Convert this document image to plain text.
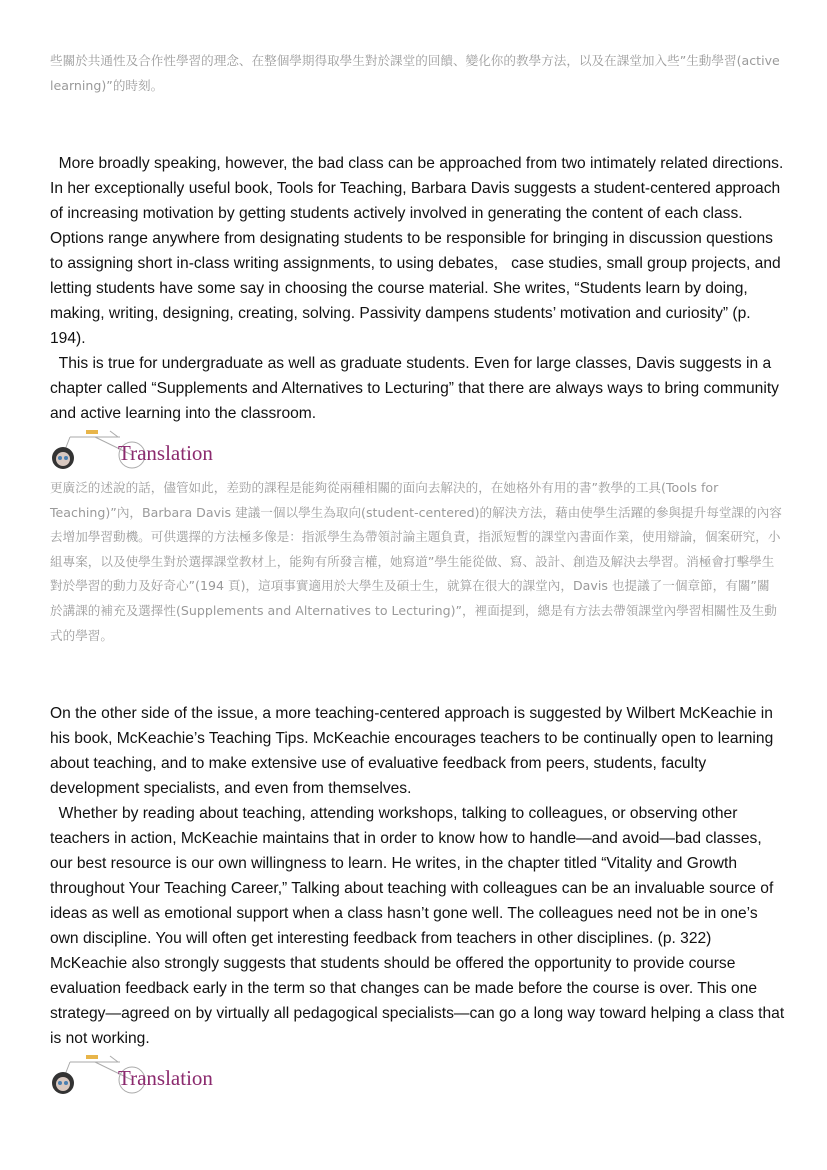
些關於共通性及合作性學習的理念、在整個學期得取學生對於課堂的回饋、變化你的教學方法，以及在課堂加入些”生動學習(active learning)”的時刻。

More broadly speaking, however, the bad class can be approached from two intimately related directions. In her exceptionally useful book, Tools for Teaching, Barbara Davis suggests a student-centered approach of increasing motivation by getting students actively involved in generating the content of each class. Options range anywhere from designating students to be responsible for bringing in discussion questions to assigning short in-class writing assignments, to using debates,   case studies, small group projects, and letting students have some say in choosing the course material. She writes, “Students learn by doing, making, writing, designing, creating, solving. Passivity dampens students’ motivation and curiosity” (p. 194).

This is true for undergraduate as well as graduate students. Even for large classes, Davis suggests in a chapter called “Supplements and Alternatives to Lecturing” that there are always ways to bring community and active learning into the classroom.

Translation
更廣泛的述說的話，儘管如此，差勁的課程是能夠從兩種相關的面向去解決的，在她格外有用的書”教學的工具(Tools for Teaching)”內，Barbara Davis 建議一個以學生為取向(student-centered)的解決方法，藉由使學生活躍的參與提升每堂課的內容去增加學習動機。可供選擇的方法極多像是：指派學生為帶領討論主題負責，指派短暫的課堂內書面作業，使用辯論，個案研究，小組專案，以及使學生對於選擇課堂教材上，能夠有所發言權，她寫道”學生能從做、寫、設計、創造及解決去學習。消極會打擊學生對於學習的動力及好奇心”(194 頁)，這項事實適用於大學生及碩士生，就算在很大的課堂內，Davis 也提議了一個章節，有關”關於講課的補充及選擇性(Supplements and Alternatives to Lecturing)”，裡面提到，總是有方法去帶領課堂內學習相關性及生動式的學習。

On the other side of the issue, a more teaching-centered approach is suggested by Wilbert McKeachie in his book, McKeachie’s Teaching Tips. McKeachie encourages teachers to be continually open to learning about teaching, and to make extensive use of evaluative feedback from peers, students, faculty development specialists, and even from themselves.

Whether by reading about teaching, attending workshops, talking to colleagues, or observing other teachers in action, McKeachie maintains that in order to know how to handle—and avoid—bad classes, our best resource is our own willingness to learn. He writes, in the chapter titled “Vitality and Growth throughout Your Teaching Career,” Talking about teaching with colleagues can be an invaluable source of ideas as well as emotional support when a class hasn’t gone well. The colleagues need not be in one’s own discipline. You will often get interesting feedback from teachers in other disciplines. (p. 322) McKeachie also strongly suggests that students should be offered the opportunity to provide course evaluation feedback early in the term so that changes can be made before the course is over. This one strategy—agreed on by virtually all pedagogical specialists—can go a long way toward helping a class that is not working.

Translation
